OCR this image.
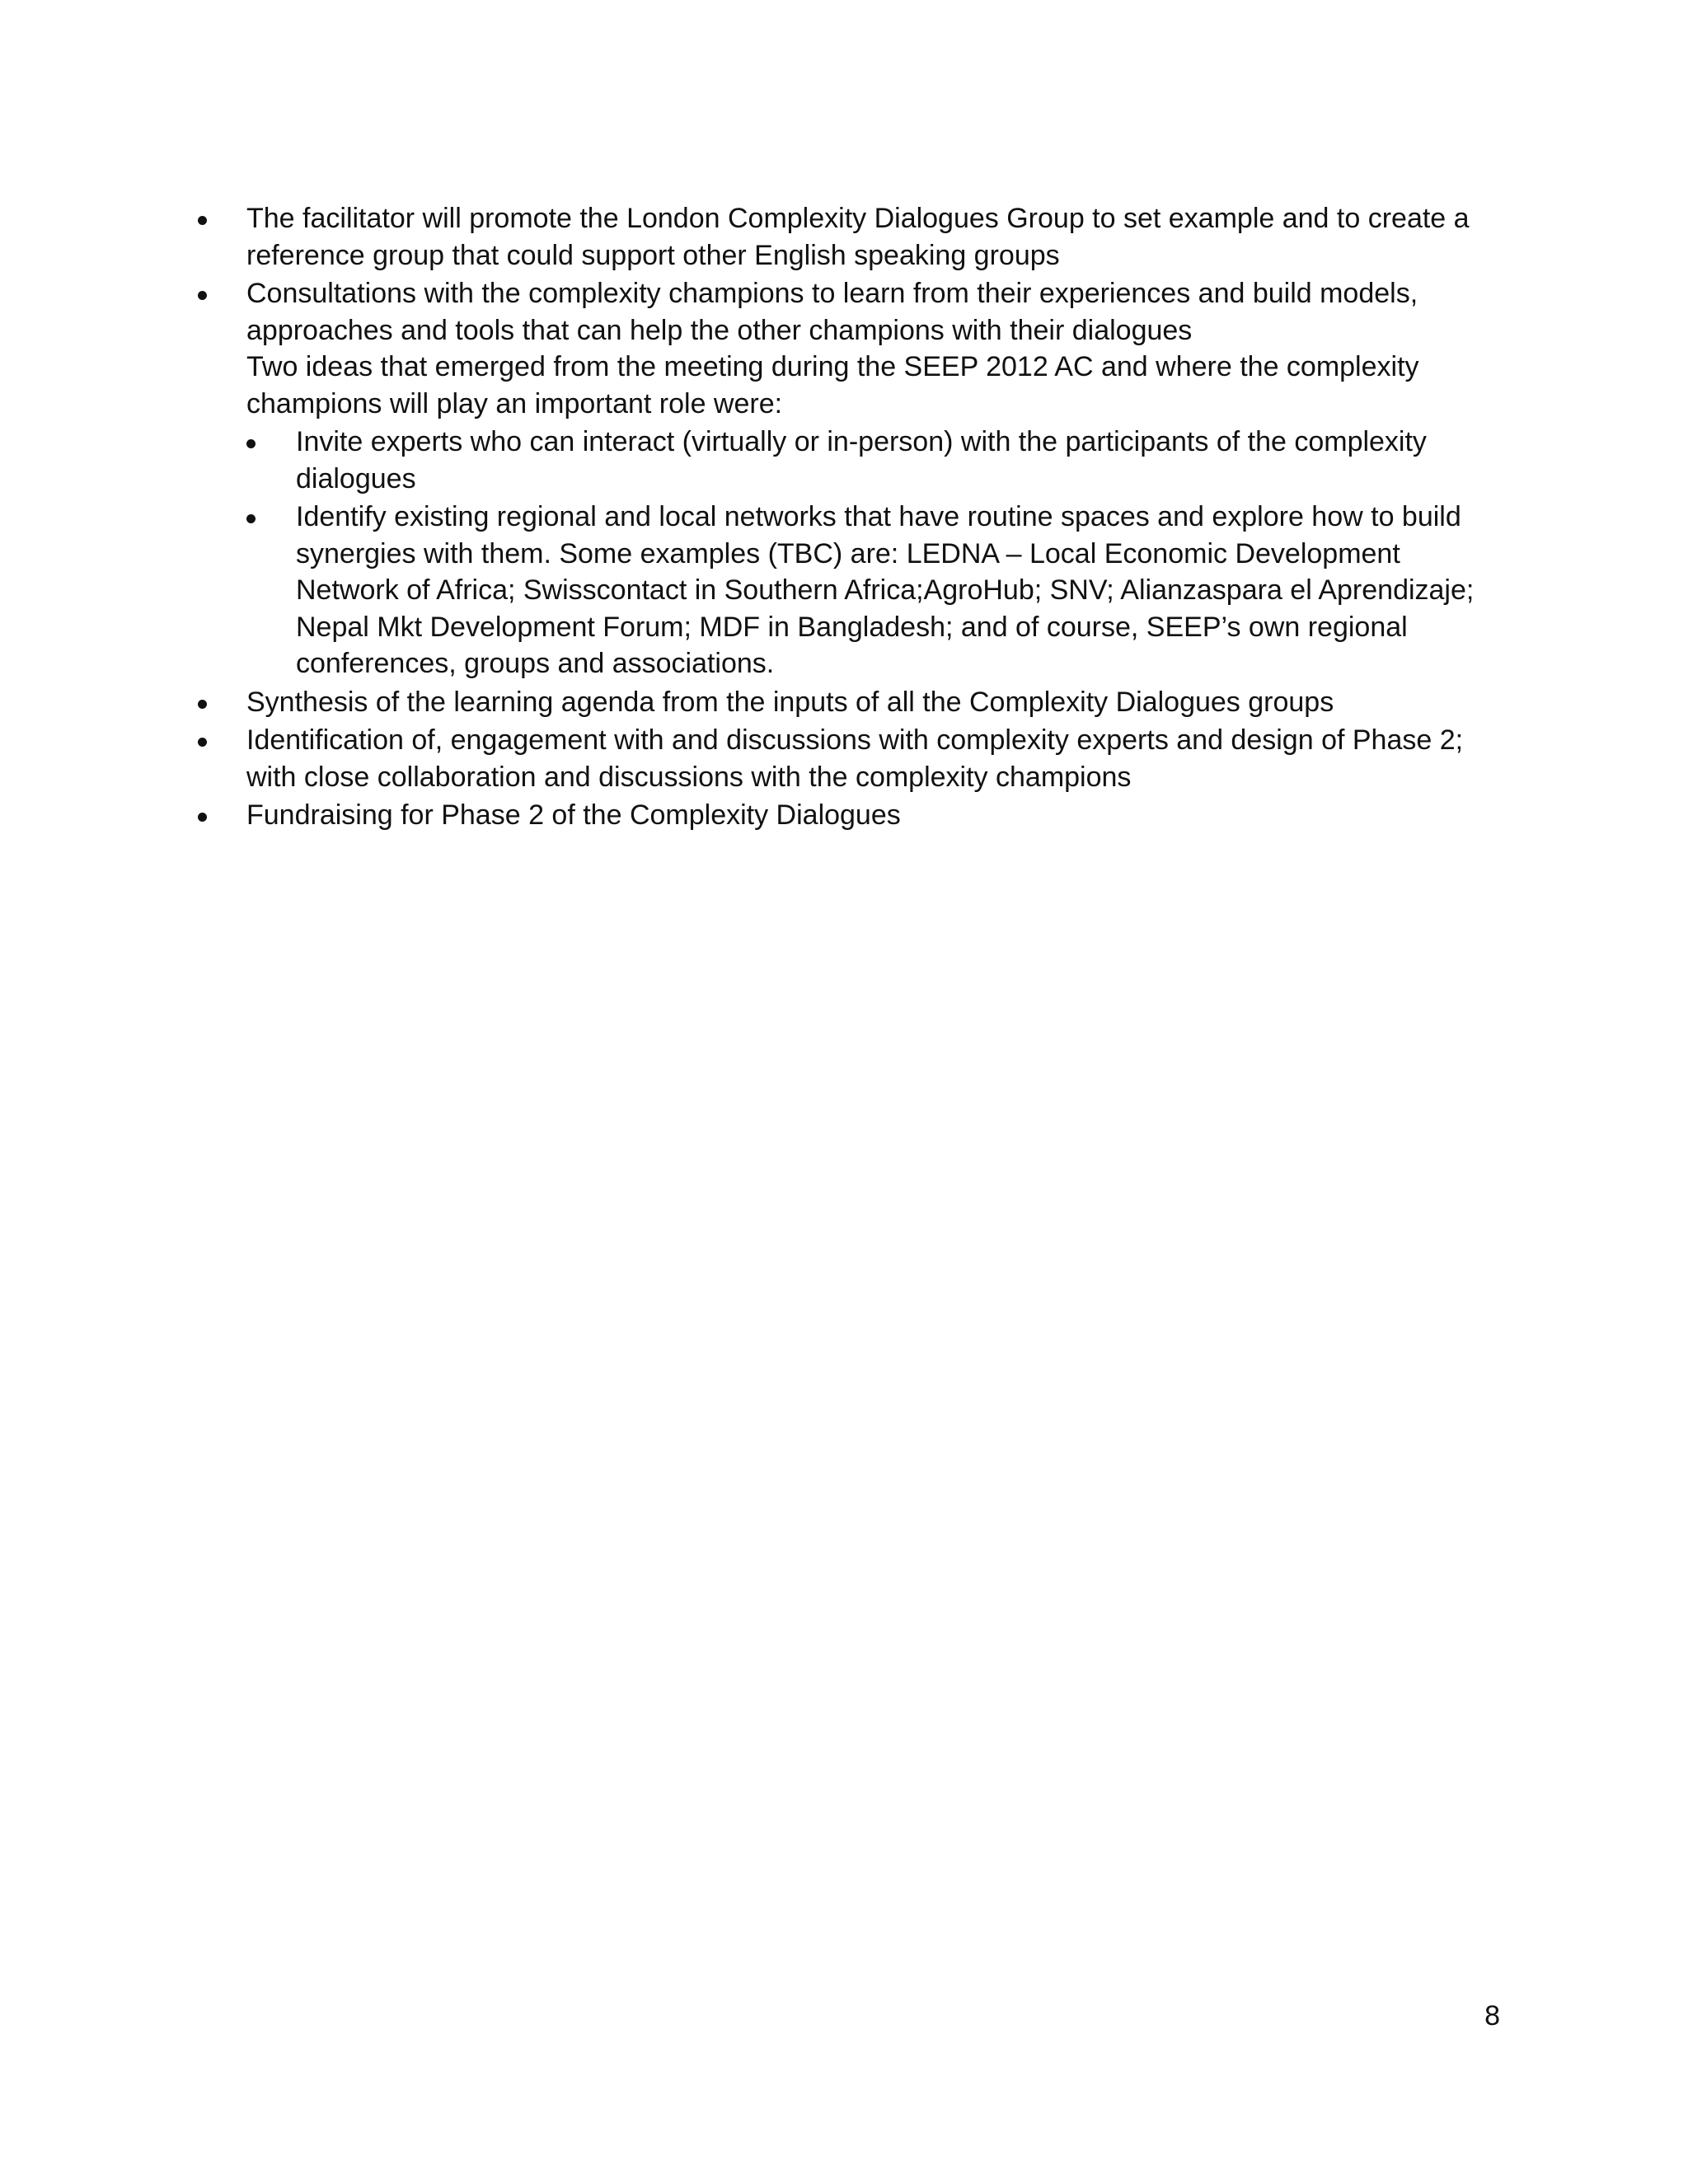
The facilitator will promote the London Complexity Dialogues Group to set example and to create a reference group that could support other English speaking groups
Consultations with the complexity champions to learn from their experiences and build models, approaches and tools that can help the other champions with their dialogues
Two ideas that emerged from the meeting during the SEEP 2012 AC and where the complexity champions will play an important role were:
Invite experts who can interact (virtually or in-person) with the participants of the complexity dialogues
Identify existing regional and local networks that have routine spaces and explore how to build synergies with them. Some examples (TBC) are: LEDNA – Local Economic Development Network of Africa; Swisscontact in Southern Africa;AgroHub; SNV; Alianzaspara el Aprendizaje; Nepal Mkt Development Forum; MDF in Bangladesh; and of course, SEEP’s own regional conferences, groups and associations.
Synthesis of the learning agenda from the inputs of all the Complexity Dialogues groups
Identification of, engagement with and discussions with complexity experts and design of Phase 2; with close collaboration and discussions with the complexity champions
Fundraising for Phase 2 of the Complexity Dialogues
8
